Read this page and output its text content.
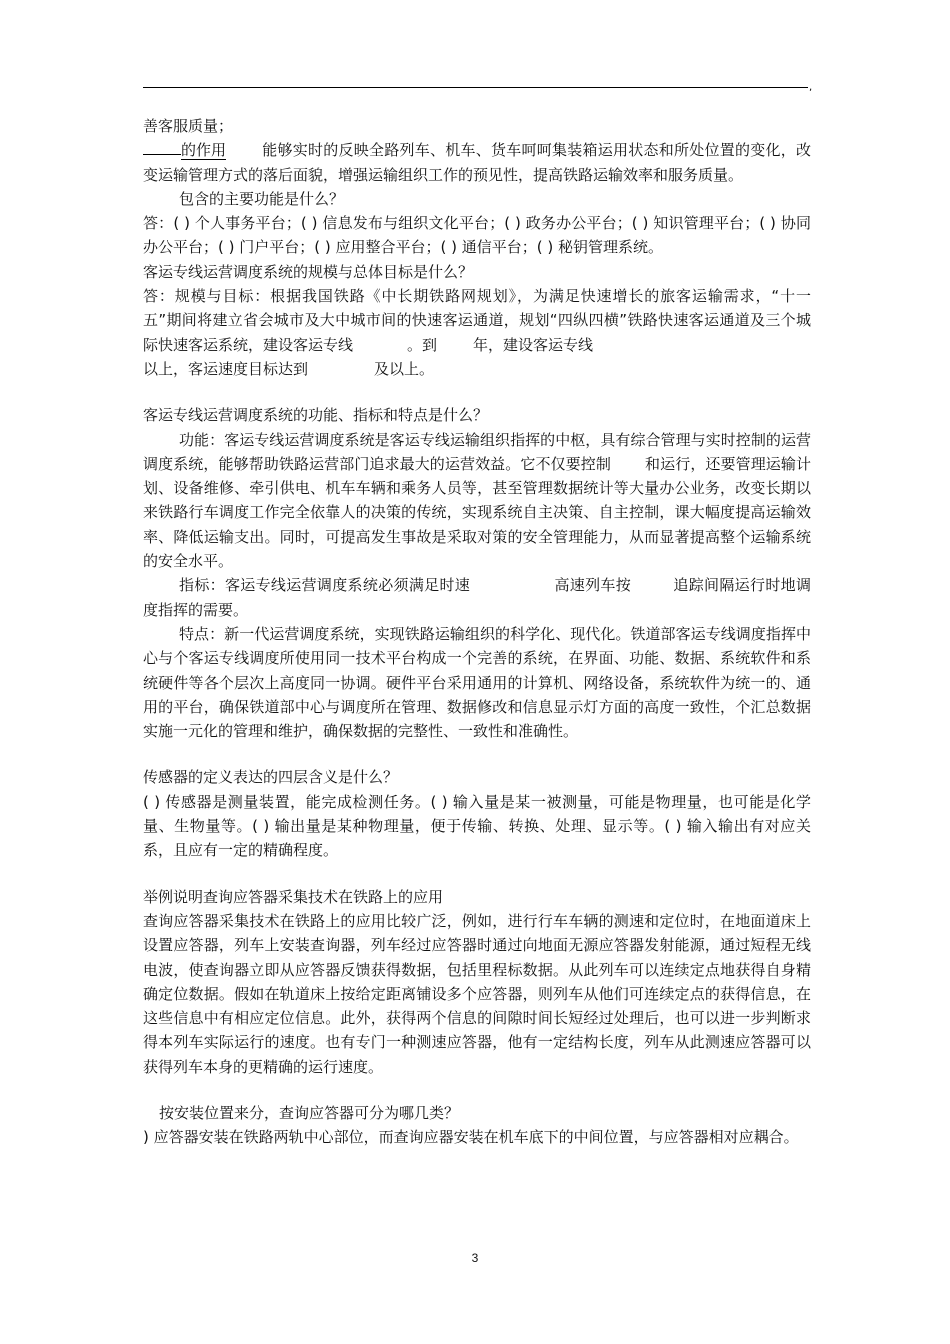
,

善客服质量；

的作用 能够实时的反映全路列车、机车、货车呵呵集装箱运用状态和所处位置的变化，改变运输管理方式的落后面貌，增强运输组织工作的预见性，提高铁路运输效率和服务质量。

包含的主要功能是什么？

答：( ) 个人事务平台；( ) 信息发布与组织文化平台；( ) 政务办公平台；( ) 知识管理平台；( ) 协同办公平台；( ) 门户平台；( ) 应用整合平台；( ) 通信平台；( ) 秘钥管理系统。

客运专线运营调度系统的规模与总体目标是什么？

答：规模与目标：根据我国铁路《中长期铁路网规划》，为满足快速增长的旅客运输需求，“十一五”期间将建立省会城市及大中城市间的快速客运通道，规划“四纵四横”铁路快速客运通道及三个城际快速客运系统，建设客运专线	。到 年，建设客运专线
以上，客运速度目标达到	及以上。

客运专线运营调度系统的功能、指标和特点是什么？

功能：客运专线运营调度系统是客运专线运输组织指挥的中枢，具有综合管理与实时控制的运营调度系统，能够帮助铁路运营部门追求最大的运营效益。它不仅要控制 和运行，还要管理运输计划、设备维修、牵引供电、机车车辆和乘务人员等，甚至管理数据统计等大量办公业务，改变长期以来铁路行车调度工作完全依靠人的决策的传统，实现系统自主决策、自主控制，课大幅度提高运输效率、降低运输支出。同时，可提高发生事故是采取对策的安全管理能力，从而显著提高整个运输系统的安全水平。

指标：客运专线运营调度系统必须满足时速	高速列车按	追踪间隔运行时地调度指挥的需要。

特点：新一代运营调度系统，实现铁路运输组织的科学化、现代化。铁道部客运专线调度指挥中心与个客运专线调度所使用同一技术平台构成一个完善的系统，在界面、功能、数据、系统软件和系统硬件等各个层次上高度同一协调。硬件平台采用通用的计算机、网络设备，系统软件为统一的、通用的平台，确保铁道部中心与调度所在管理、数据修改和信息显示灯方面的高度一致性，个汇总数据实施一元化的管理和维护，确保数据的完整性、一致性和准确性。

传感器的定义表达的四层含义是什么？

( ) 传感器是测量装置，能完成检测任务。( ) 输入量是某一被测量，可能是物理量，也可能是化学量、生物量等。( ) 输出量是某种物理量，便于传输、转换、处理、显示等。( ) 输入输出有对应关系，且应有一定的精确程度。

举例说明查询应答器采集技术在铁路上的应用

查询应答器采集技术在铁路上的应用比较广泛，例如，进行行车车辆的测速和定位时，在地面道床上设置应答器，列车上安装查询器，列车经过应答器时通过向地面无源应答器发射能源，通过短程无线电波，使查询器立即从应答器反馈获得数据，包括里程标数据。从此列车可以连续定点地获得自身精确定位数据。假如在轨道床上按给定距离铺设多个应答器，则列车从他们可连续定点的获得信息，在这些信息中有相应定位信息。此外，获得两个信息的间隙时间长短经过处理后，也可以进一步判断求得本列车实际运行的速度。也有专门一种测速应答器，他有一定结构长度，列车从此测速应答器可以获得列车本身的更精确的运行速度。

按安装位置来分，查询应答器可分为哪几类？

) 应答器安装在铁路两轨中心部位，而查询应器安装在机车底下的中间位置，与应答器相对应耦合。

3
